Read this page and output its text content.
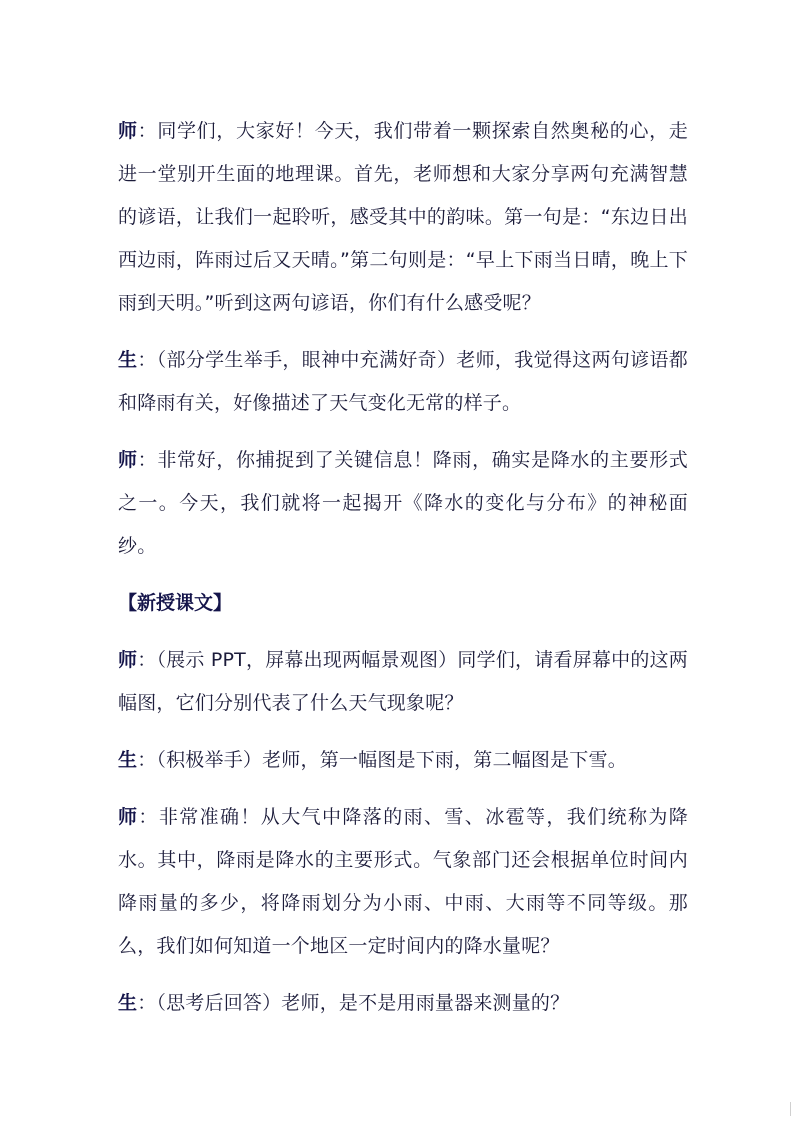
师：同学们，大家好！今天，我们带着一颗探索自然奥秘的心，走进一堂别开生面的地理课。首先，老师想和大家分享两句充满智慧的谚语，让我们一起聆听，感受其中的韵味。第一句是：“东边日出西边雨，阵雨过后又天晴。”第二句则是：“早上下雨当日晴，晚上下雨到天明。”听到这两句谚语，你们有什么感受呢？

生：（部分学生举手，眼神中充满好奇）老师，我觉得这两句谚语都和降雨有关，好像描述了天气变化无常的样子。

师：非常好，你捕捉到了关键信息！降雨，确实是降水的主要形式之一。今天，我们就将一起揭开《降水的变化与分布》的神秘面纱。

【新授课文】

师：（展示 PPT，屏幕出现两幅景观图）同学们，请看屏幕中的这两幅图，它们分别代表了什么天气现象呢？

生：（积极举手）老师，第一幅图是下雨，第二幅图是下雪。

师：非常准确！从大气中降落的雨、雪、冰雹等，我们统称为降水。其中，降雨是降水的主要形式。气象部门还会根据单位时间内降雨量的多少，将降雨划分为小雨、中雨、大雨等不同等级。那么，我们如何知道一个地区一定时间内的降水量呢？

生：（思考后回答）老师，是不是用雨量器来测量的？
